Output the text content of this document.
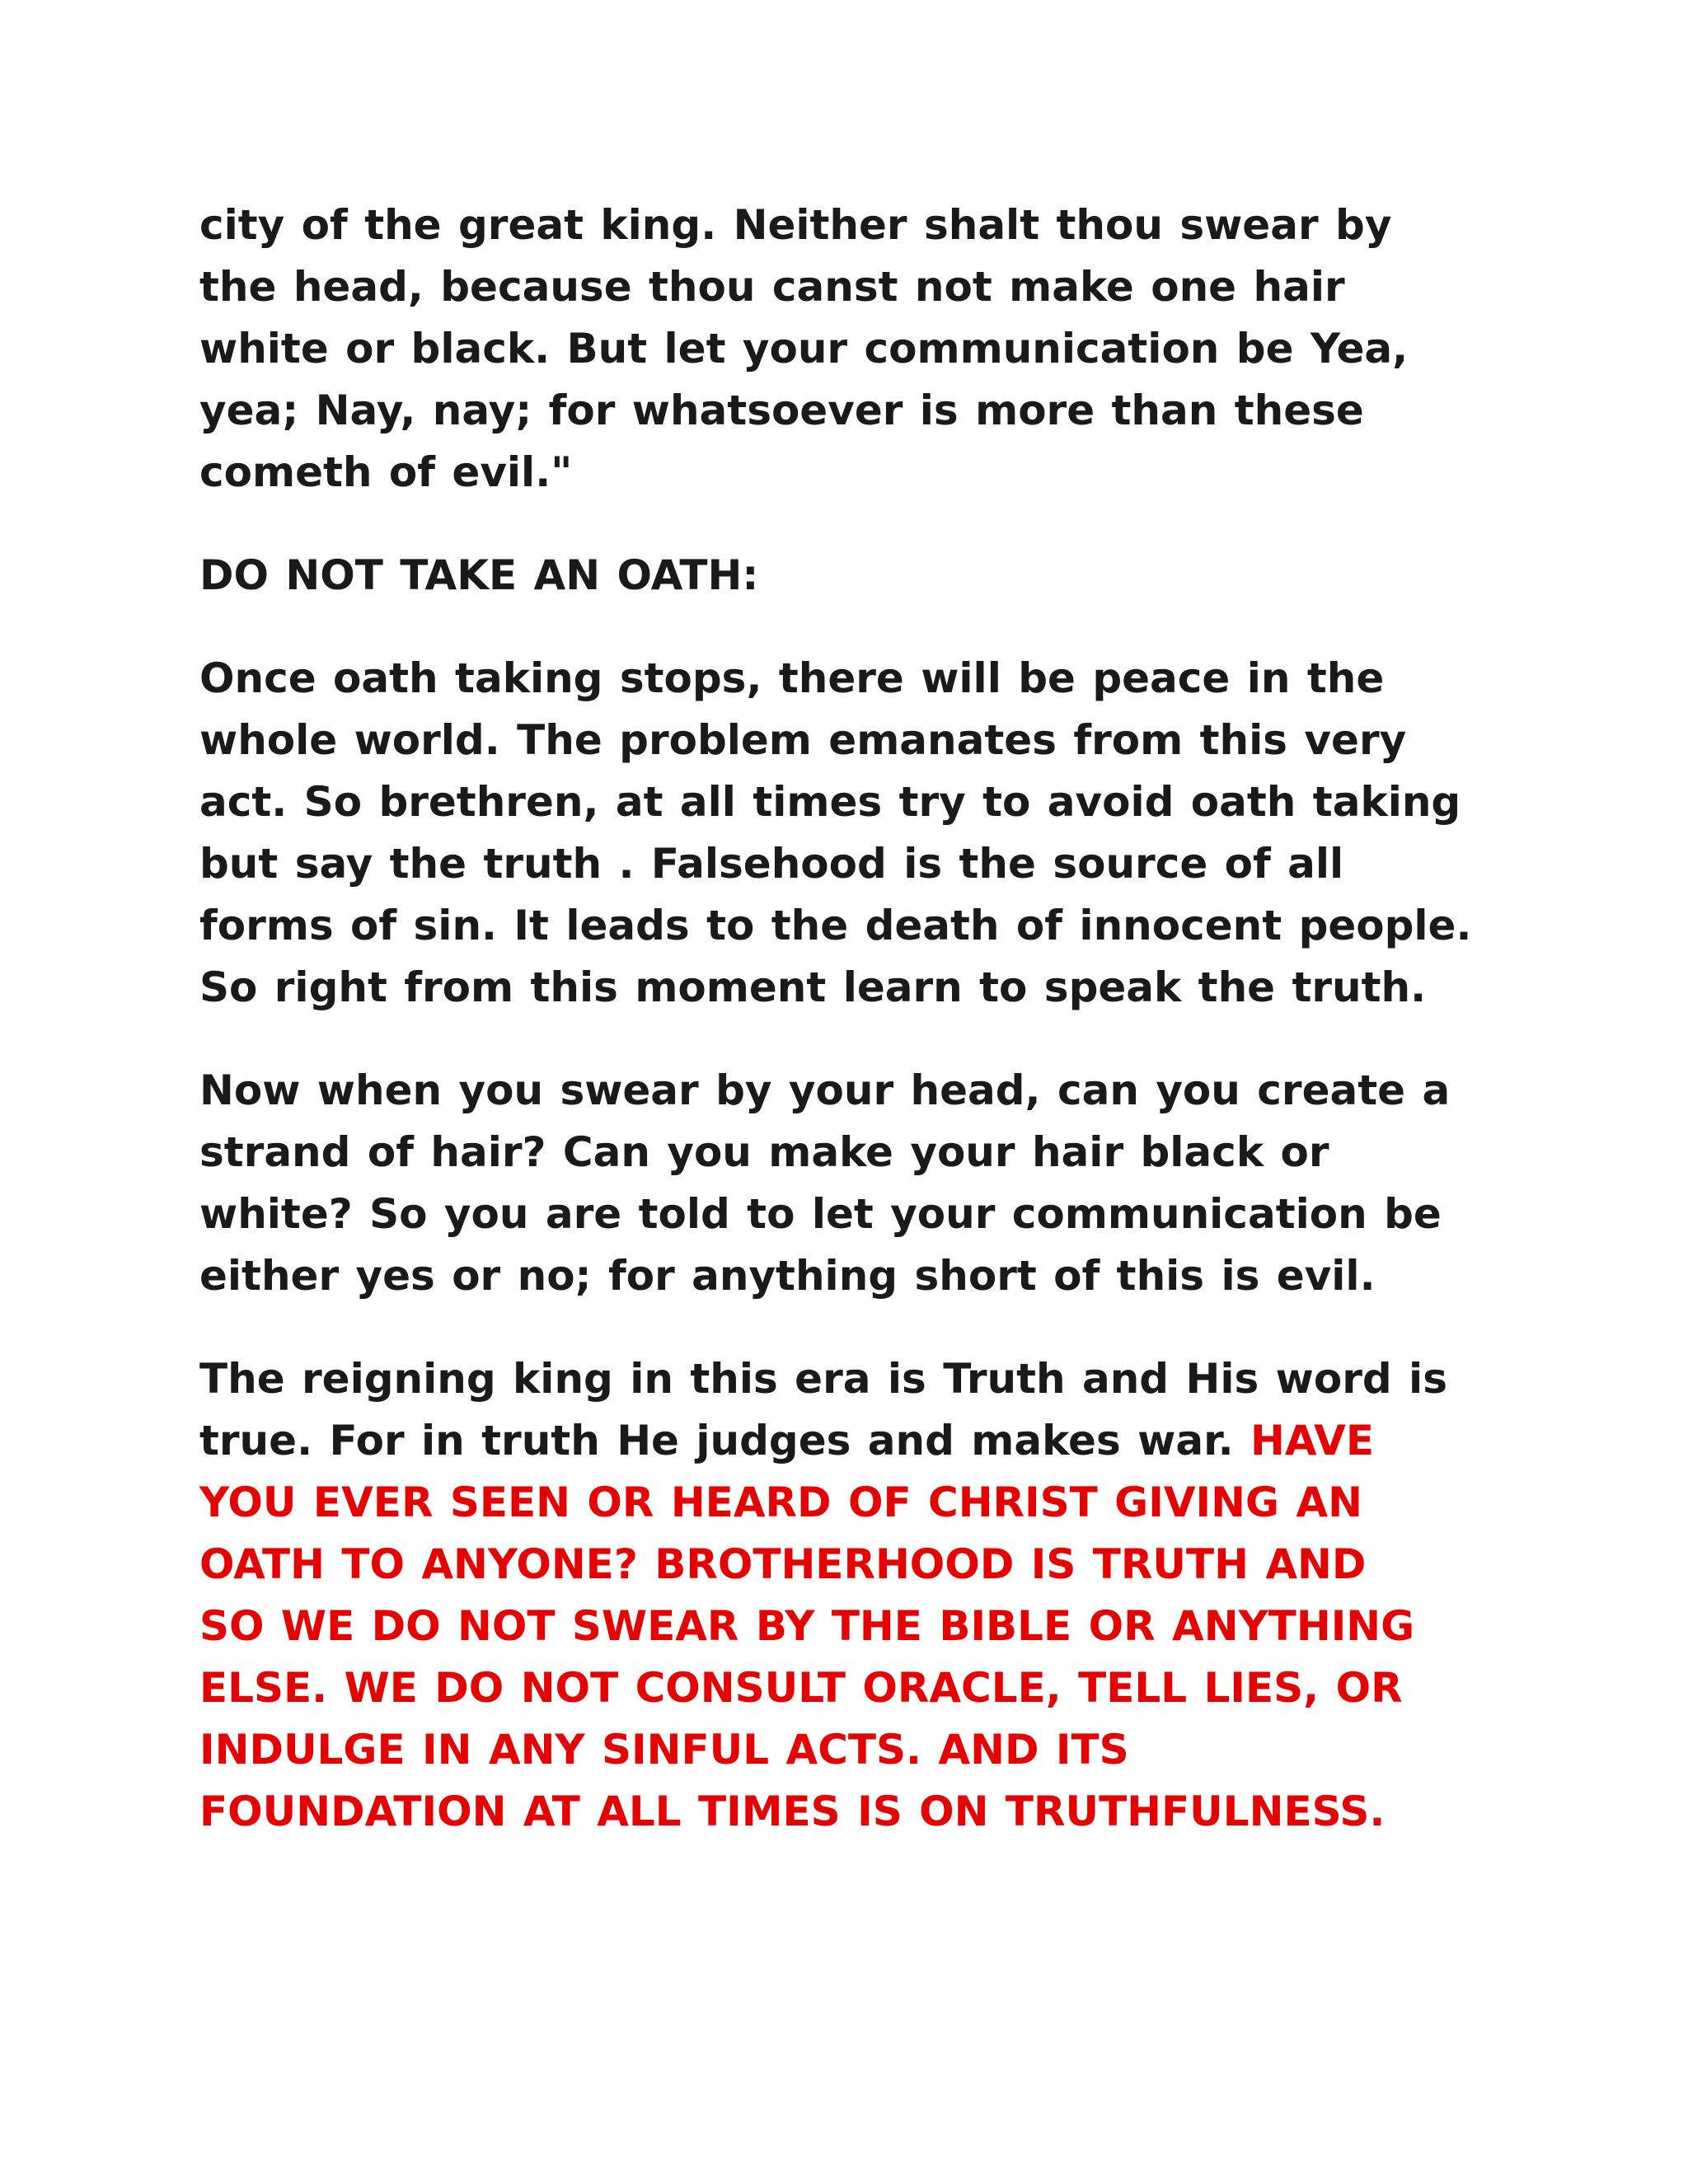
city of the great king. Neither shalt thou swear by
the head, because thou canst not make one hair
white or black. But let your communication be Yea,
yea; Nay, nay; for whatsoever is more than these
cometh of evil."

DO NOT TAKE AN OATH:

Once oath taking stops, there will be peace in the
whole world. The problem emanates from this very
act. So brethren, at all times try to avoid oath taking
but say the truth . Falsehood is the source of all
forms of sin. It leads to the death of innocent people.
So right from this moment learn to speak the truth.

Now when you swear by your head, can you create a
strand of hair? Can you make your hair black or
white? So you are told to let your communication be
either yes or no; for anything short of this is evil.

The reigning king in this era is Truth and His word is
true. For in truth He judges and makes war. HAVE
YOU EVER SEEN OR HEARD OF CHRIST GIVING AN
OATH TO ANYONE? BROTHERHOOD IS TRUTH AND
SO WE DO NOT SWEAR BY THE BIBLE OR ANYTHING
ELSE. WE DO NOT CONSULT ORACLE, TELL LIES, OR
INDULGE IN ANY SINFUL ACTS. AND ITS
FOUNDATION AT ALL TIMES IS ON TRUTHFULNESS.
